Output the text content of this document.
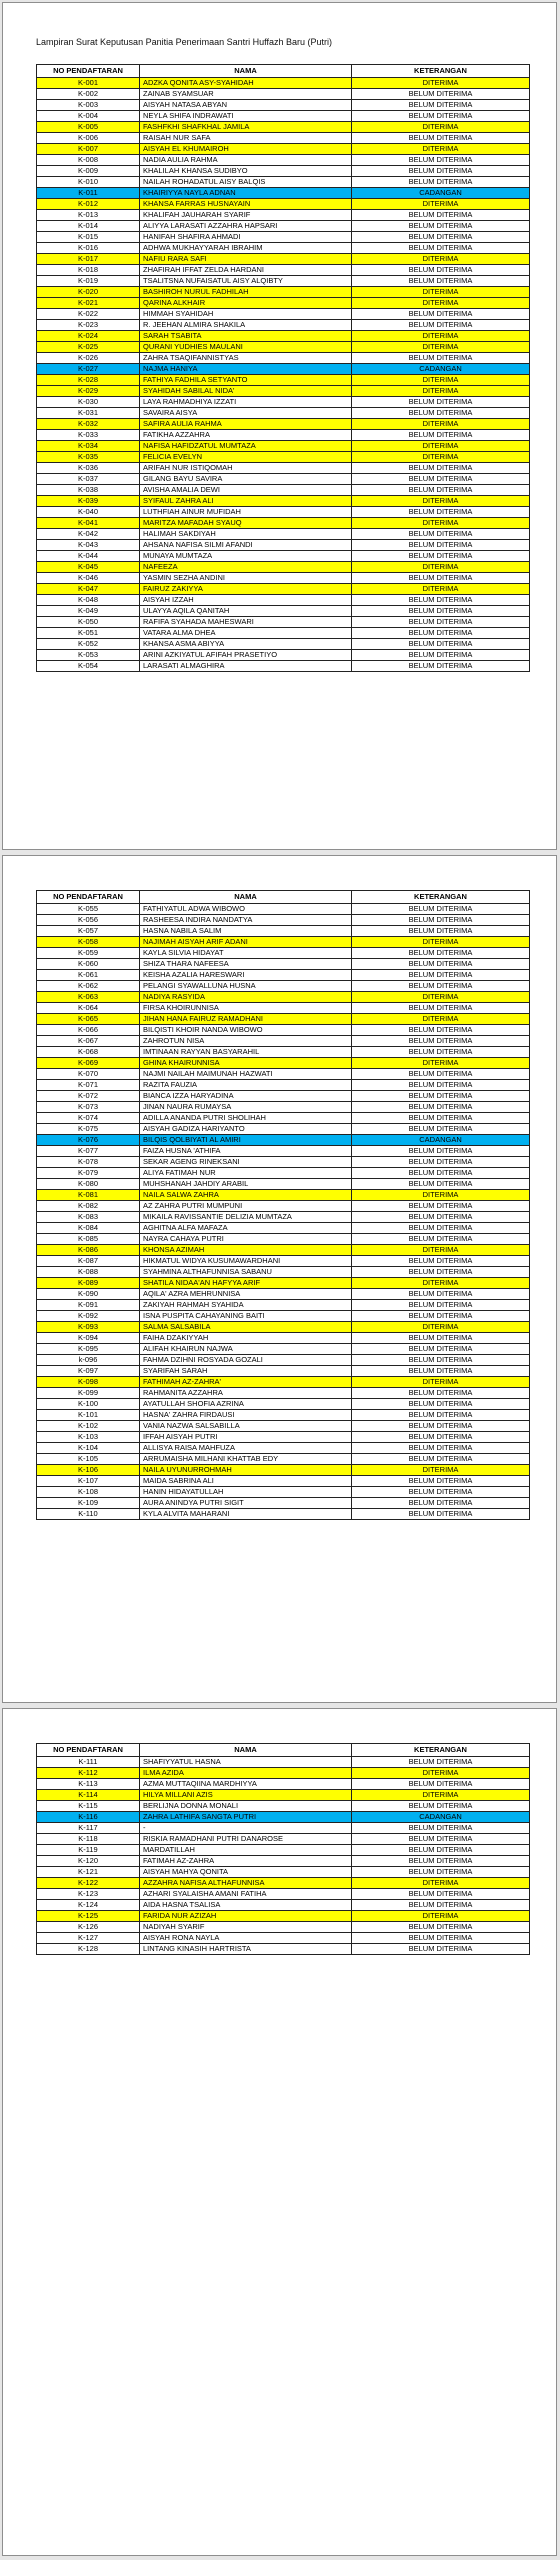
Lampiran Surat Keputusan Panitia Penerimaan Santri Huffazh Baru (Putri)
NO PENDAFTARAN	NAMA	KETERANGAN
K-001	ADZKA QONITA ASY-SYAHIDAH	DITERIMA
K-002	ZAINAB SYAMSUAR	BELUM DITERIMA
K-003	AISYAH NATASA ABYAN	BELUM DITERIMA
K-004	NEYLA SHIFA INDRAWATI	BELUM DITERIMA
K-005	FASHFKHI SHAFKHAL JAMILA	DITERIMA
K-006	RAISAH NUR SAFA	BELUM DITERIMA
K-007	AISYAH EL KHUMAIROH	DITERIMA
K-008	NADIA AULIA RAHMA	BELUM DITERIMA
K-009	KHALILAH KHANSA SUDIBYO	BELUM DITERIMA
K-010	NAILAH ROHADATUL AISY BALQIS	BELUM DITERIMA
K-011	KHAIRIYYA NAYLA ADNAN	CADANGAN
K-012	KHANSA FARRAS HUSNAYAIN	DITERIMA
K-013	KHALIFAH JAUHARAH SYARIF	BELUM DITERIMA
K-014	ALIYYA LARASATI AZZAHRA HAPSARI	BELUM DITERIMA
K-015	HANIFAH SHAFIRA AHMADI	BELUM DITERIMA
K-016	ADHWA MUKHAYYARAH IBRAHIM	BELUM DITERIMA
K-017	NAFIU RARA SAFI	DITERIMA
K-018	ZHAFIRAH IFFAT ZELDA HARDANI	BELUM DITERIMA
K-019	TSALITSNA NUFAISATUL AISY ALQIBTY	BELUM DITERIMA
K-020	BASHIROH NURUL FADHILAH	DITERIMA
K-021	QARINA ALKHAIR	DITERIMA
K-022	HIMMAH SYAHIDAH	BELUM DITERIMA
K-023	R. JEEHAN ALMIRA SHAKILA	BELUM DITERIMA
K-024	SARAH TSABITA	DITERIMA
K-025	QURANI YUDHIES MAULANI	DITERIMA
K-026	ZAHRA TSAQIFANNISTYAS	BELUM DITERIMA
K-027	NAJMA HANIYA	CADANGAN
K-028	FATHIYA FADHILA SETYANTO	DITERIMA
K-029	SYAHIDAH SABILAL NIDA'	DITERIMA
K-030	LAYA RAHMADHIYA IZZATI	BELUM DITERIMA
K-031	SAVAIRA AISYA	BELUM DITERIMA
K-032	SAFIRA AULIA RAHMA	DITERIMA
K-033	FATIKHA AZZAHRA	BELUM DITERIMA
K-034	NAFISA HAFIDZATUL MUMTAZA	DITERIMA
K-035	FELICIA EVELYN	DITERIMA
K-036	ARIFAH NUR ISTIQOMAH	BELUM DITERIMA
K-037	GILANG BAYU SAVIRA	BELUM DITERIMA
K-038	AVISHA AMALIA DEWI	BELUM DITERIMA
K-039	SYIFAUL ZAHRA ALI	DITERIMA
K-040	LUTHFIAH AINUR MUFIDAH	BELUM DITERIMA
K-041	MARITZA MAFADAH SYAUQ	DITERIMA
K-042	HALIMAH SAKDIYAH	BELUM DITERIMA
K-043	AHSANA NAFISA SILMI AFANDI	BELUM DITERIMA
K-044	MUNAYA MUMTAZA	BELUM DITERIMA
K-045	NAFEEZA	DITERIMA
K-046	YASMIN SEZHA ANDINI	BELUM DITERIMA
K-047	FAIRUZ ZAKIYYA	DITERIMA
K-048	AISYAH IZZAH	BELUM DITERIMA
K-049	ULAYYA AQILA QANITAH	BELUM DITERIMA
K-050	RAFIFA SYAHADA MAHESWARI	BELUM DITERIMA
K-051	VATARA ALMA DHEA	BELUM DITERIMA
K-052	KHANSA ASMA ABIYYA	BELUM DITERIMA
K-053	ARINI AZKIYATUL AFIFAH PRASETIYO	BELUM DITERIMA
K-054	LARASATI ALMAGHIRA	BELUM DITERIMA
NO PENDAFTARAN	NAMA	KETERANGAN
K-055	FATHIYATUL ADWA WIBOWO	BELUM DITERIMA
K-056	RASHEESA INDIRA NANDATYA	BELUM DITERIMA
K-057	HASNA NABILA SALIM	BELUM DITERIMA
K-058	NAJIMAH AISYAH ARIF ADANI	DITERIMA
K-059	KAYLA SILVIA HIDAYAT	BELUM DITERIMA
K-060	SHIZA THARA NAFEESA	BELUM DITERIMA
K-061	KEISHA AZALIA HARESWARI	BELUM DITERIMA
K-062	PELANGI SYAWALLUNA HUSNA	BELUM DITERIMA
K-063	NADIYA RASYIDA	DITERIMA
K-064	FIRSA KHOIRUNNISA	BELUM DITERIMA
K-065	JIHAN HANA FAIRUZ RAMADHANI	DITERIMA
K-066	BILQISTI KHOIR NANDA WIBOWO	BELUM DITERIMA
K-067	ZAHROTUN NISA	BELUM DITERIMA
K-068	IMTINAAN RAYYAN BASYARAHIL	BELUM DITERIMA
K-069	GHINA KHAIRUNNISA	DITERIMA
K-070	NAJMI NAILAH MAIMUNAH HAZWATI	BELUM DITERIMA
K-071	RAZITA FAUZIA	BELUM DITERIMA
K-072	BIANCA IZZA HARYADINA	BELUM DITERIMA
K-073	JINAN NAURA RUMAYSA	BELUM DITERIMA
K-074	ADILLA ANANDA PUTRI SHOLIHAH	BELUM DITERIMA
K-075	AISYAH GADIZA HARIYANTO	BELUM DITERIMA
K-076	BILQIS QOLBIYATI AL AMIRI	CADANGAN
K-077	FAIZA HUSNA 'ATHIFA	BELUM DITERIMA
K-078	SEKAR AGENG RINEKSANI	BELUM DITERIMA
K-079	ALIYA FATIMAH NUR	BELUM DITERIMA
K-080	MUHSHANAH JAHDIY ARABIL	BELUM DITERIMA
K-081	NAILA SALWA ZAHRA	DITERIMA
K-082	AZ ZAHRA PUTRI MUMPUNI	BELUM DITERIMA
K-083	MIKAILA RAVISSANTIE DELIZIA MUMTAZA	BELUM DITERIMA
K-084	AGHITNA ALFA MAFAZA	BELUM DITERIMA
K-085	NAYRA CAHAYA PUTRI	BELUM DITERIMA
K-086	KHONSA AZIMAH	DITERIMA
K-087	HIKMATUL WIDYA KUSUMAWARDHANI	BELUM DITERIMA
K-088	SYAHMINA ALTHAFUNNISA SABANU	BELUM DITERIMA
K-089	SHATILA NIDAA'AN HAFYYA ARIF	DITERIMA
K-090	AQILA' AZRA MEHRUNNISA	BELUM DITERIMA
K-091	ZAKIYAH RAHMAH SYAHIDA	BELUM DITERIMA
K-092	ISNA PUSPITA CAHAYANING BAITI	BELUM DITERIMA
K-093	SALMA SALSABILA	DITERIMA
K-094	FAIHA DZAKIYYAH	BELUM DITERIMA
K-095	ALIFAH KHAIRUN NAJWA	BELUM DITERIMA
k-096	FAHMA DZIHNI ROSYADA GOZALI	BELUM DITERIMA
K-097	SYARIFAH SARAH	BELUM DITERIMA
K-098	FATHIMAH AZ-ZAHRA'	DITERIMA
K-099	RAHMANITA AZZAHRA	BELUM DITERIMA
K-100	AYATULLAH SHOFIA AZRINA	BELUM DITERIMA
K-101	HASNA' ZAHRA FIRDAUSI	BELUM DITERIMA
K-102	VANIA NAZWA SALSABILLA	BELUM DITERIMA
K-103	IFFAH AISYAH PUTRI	BELUM DITERIMA
K-104	ALLISYA RAISA MAHFUZA	BELUM DITERIMA
K-105	ARRUMAISHA MILHANI KHATTAB EDY	BELUM DITERIMA
K-106	NAILA UYUNURROHMAH	DITERIMA
K-107	MAIDA SABRINA ALI	BELUM DITERIMA
K-108	HANIN HIDAYATULLAH	BELUM DITERIMA
K-109	AURA ANINDYA PUTRI SIGIT	BELUM DITERIMA
K-110	KYLA ALVITA MAHARANI	BELUM DITERIMA
NO PENDAFTARAN	NAMA	KETERANGAN
K-111	SHAFIYYATUL HASNA	BELUM DITERIMA
K-112	ILMA AZIDA	DITERIMA
K-113	AZMA MUTTAQIINA MARDHIYYA	BELUM DITERIMA
K-114	HILYA MILLANI AZIS	DITERIMA
K-115	BERLIJNA DONNA MONALI	BELUM DITERIMA
K-116	ZAHRA LATHIFA SANGTA PUTRI	CADANGAN
K-117	-	BELUM DITERIMA
K-118	RISKIA RAMADHANI PUTRI DANAROSE	BELUM DITERIMA
K-119	MARDATILLAH	BELUM DITERIMA
K-120	FATIMAH AZ-ZAHRA	BELUM DITERIMA
K-121	AISYAH MAHYA QONITA	BELUM DITERIMA
K-122	AZZAHRA NAFISA ALTHAFUNNISA	DITERIMA
K-123	AZHARI SYALAISHA AMANI FATIHA	BELUM DITERIMA
K-124	AIDA HASNA TSALISA	BELUM DITERIMA
K-125	FARIDA NUR AZIZAH	DITERIMA
K-126	NADIYAH SYARIF	BELUM DITERIMA
K-127	AISYAH RONA NAYLA	BELUM DITERIMA
K-128	LINTANG KINASIH HARTRISTA	BELUM DITERIMA
